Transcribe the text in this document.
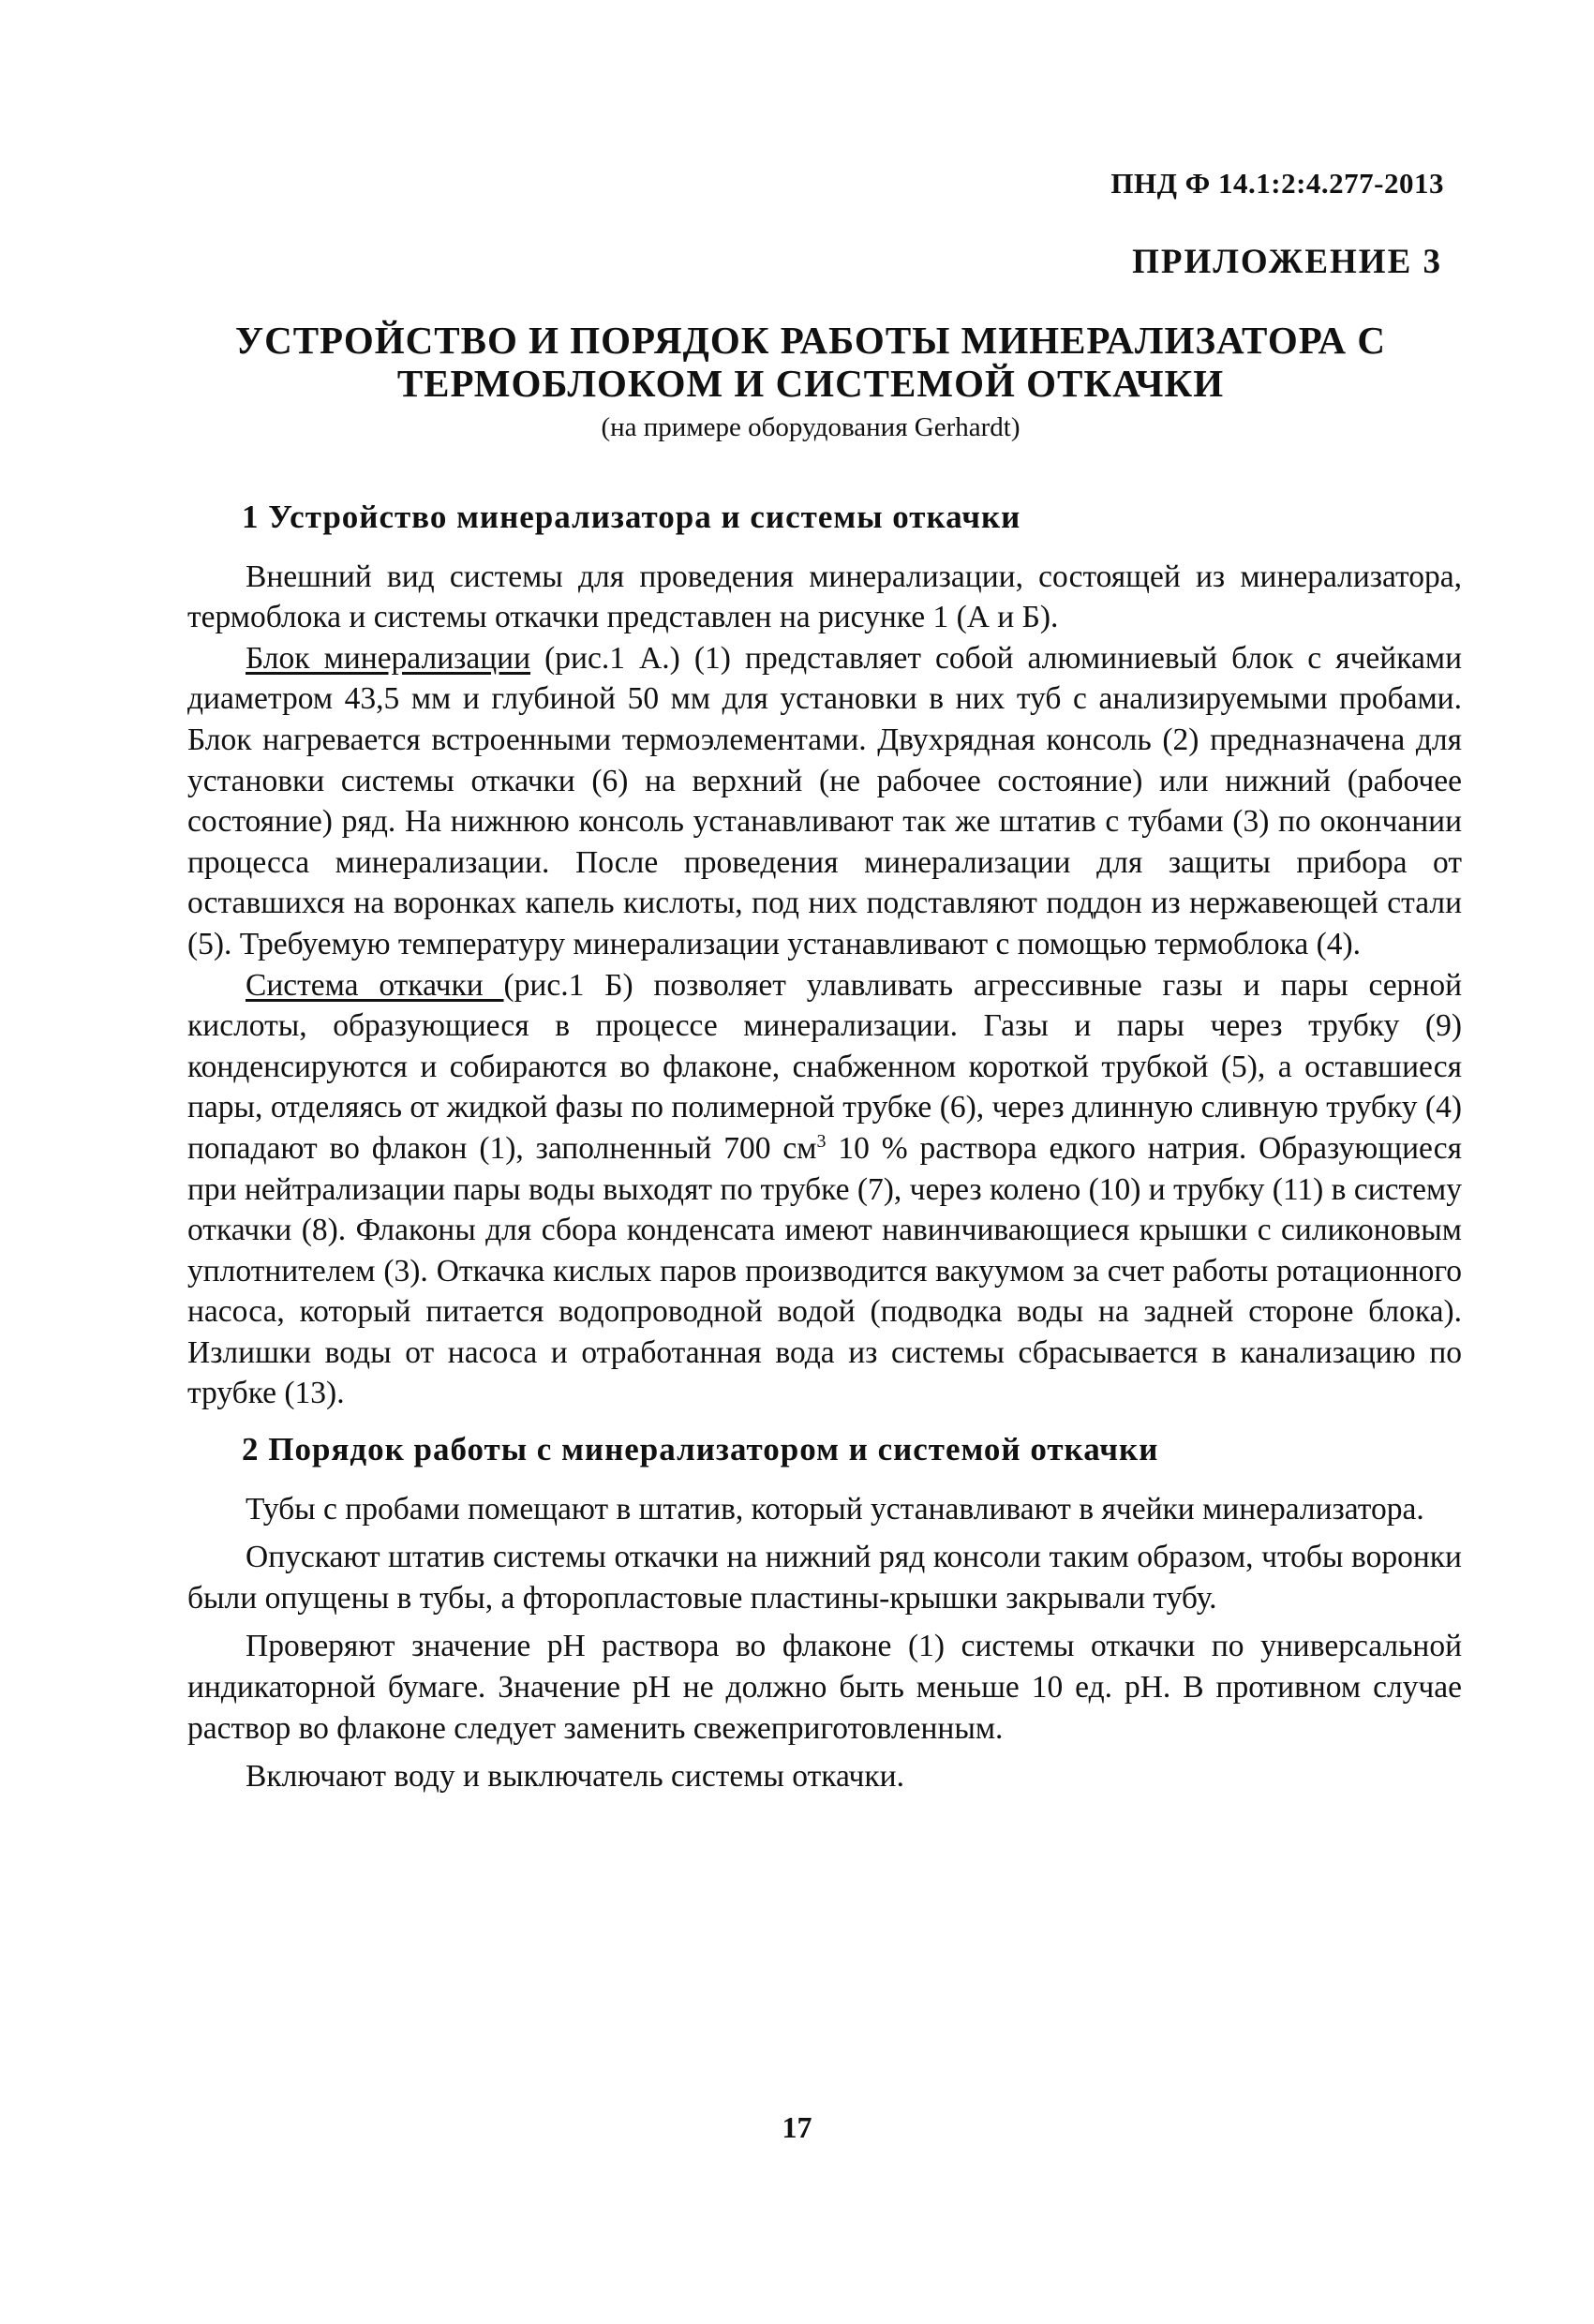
ПНД Ф 14.1:2:4.277-2013
ПРИЛОЖЕНИЕ 3
УСТРОЙСТВО И ПОРЯДОК РАБОТЫ МИНЕРАЛИЗАТОРА С
ТЕРМОБЛОКОМ И СИСТЕМОЙ ОТКАЧКИ
(на примере оборудования Gerhardt)
1 Устройство минерализатора и системы откачки

Внешний вид системы для проведения минерализации, состоящей из минерализатора, термоблока и системы откачки представлен на рисунке 1 (А и Б).

Блок минерализации (рис.1 А.) (1) представляет собой алюминиевый блок с ячейками диаметром 43,5 мм и глубиной 50 мм для установки в них туб с анализируемыми пробами. Блок нагревается встроенными термоэлементами. Двухрядная консоль (2) предназначена для установки системы откачки (6) на верхний (не рабочее состояние) или нижний (рабочее состояние) ряд. На нижнюю консоль устанавливают так же штатив с тубами (3) по окончании процесса минерализации. После проведения минерализации для защиты прибора от оставшихся на воронках капель кислоты, под них подставляют поддон из нержавеющей стали (5). Требуемую температуру минерализации устанавливают с помощью термоблока (4).

Система откачки (рис.1 Б) позволяет улавливать агрессивные газы и пары серной кислоты, образующиеся в процессе минерализации. Газы и пары через трубку (9) конденсируются и собираются во флаконе, снабженном короткой трубкой (5), а оставшиеся пары, отделяясь от жидкой фазы по полимерной трубке (6), через длинную сливную трубку (4) попадают во флакон (1), заполненный 700 $см^3$ 10 % раствора едкого натрия. Образующиеся при нейтрализации пары воды выходят по трубке (7), через колено (10) и трубку (11) в систему откачки (8). Флаконы для сбора конденсата имеют навинчивающиеся крышки с силиконовым уплотнителем (3). Откачка кислых паров производится вакуумом за счет работы ротационного насоса, который питается водопроводной водой (подводка воды на задней стороне блока). Излишки воды от насоса и отработанная вода из системы сбрасывается в канализацию по трубке (13).

2 Порядок работы с минерализатором и системой откачки

Тубы с пробами помещают в штатив, который устанавливают в ячейки минерализатора.

Опускают штатив системы откачки на нижний ряд консоли таким образом, чтобы воронки были опущены в тубы, а фторопластовые пластины-крышки закрывали тубу.

Проверяют значение pH раствора во флаконе (1) системы откачки по универсальной индикаторной бумаге. Значение pH не должно быть меньше 10 ед. pH. В противном случае раствор во флаконе следует заменить свежеприготовленным.

Включают воду и выключатель системы откачки.

17
